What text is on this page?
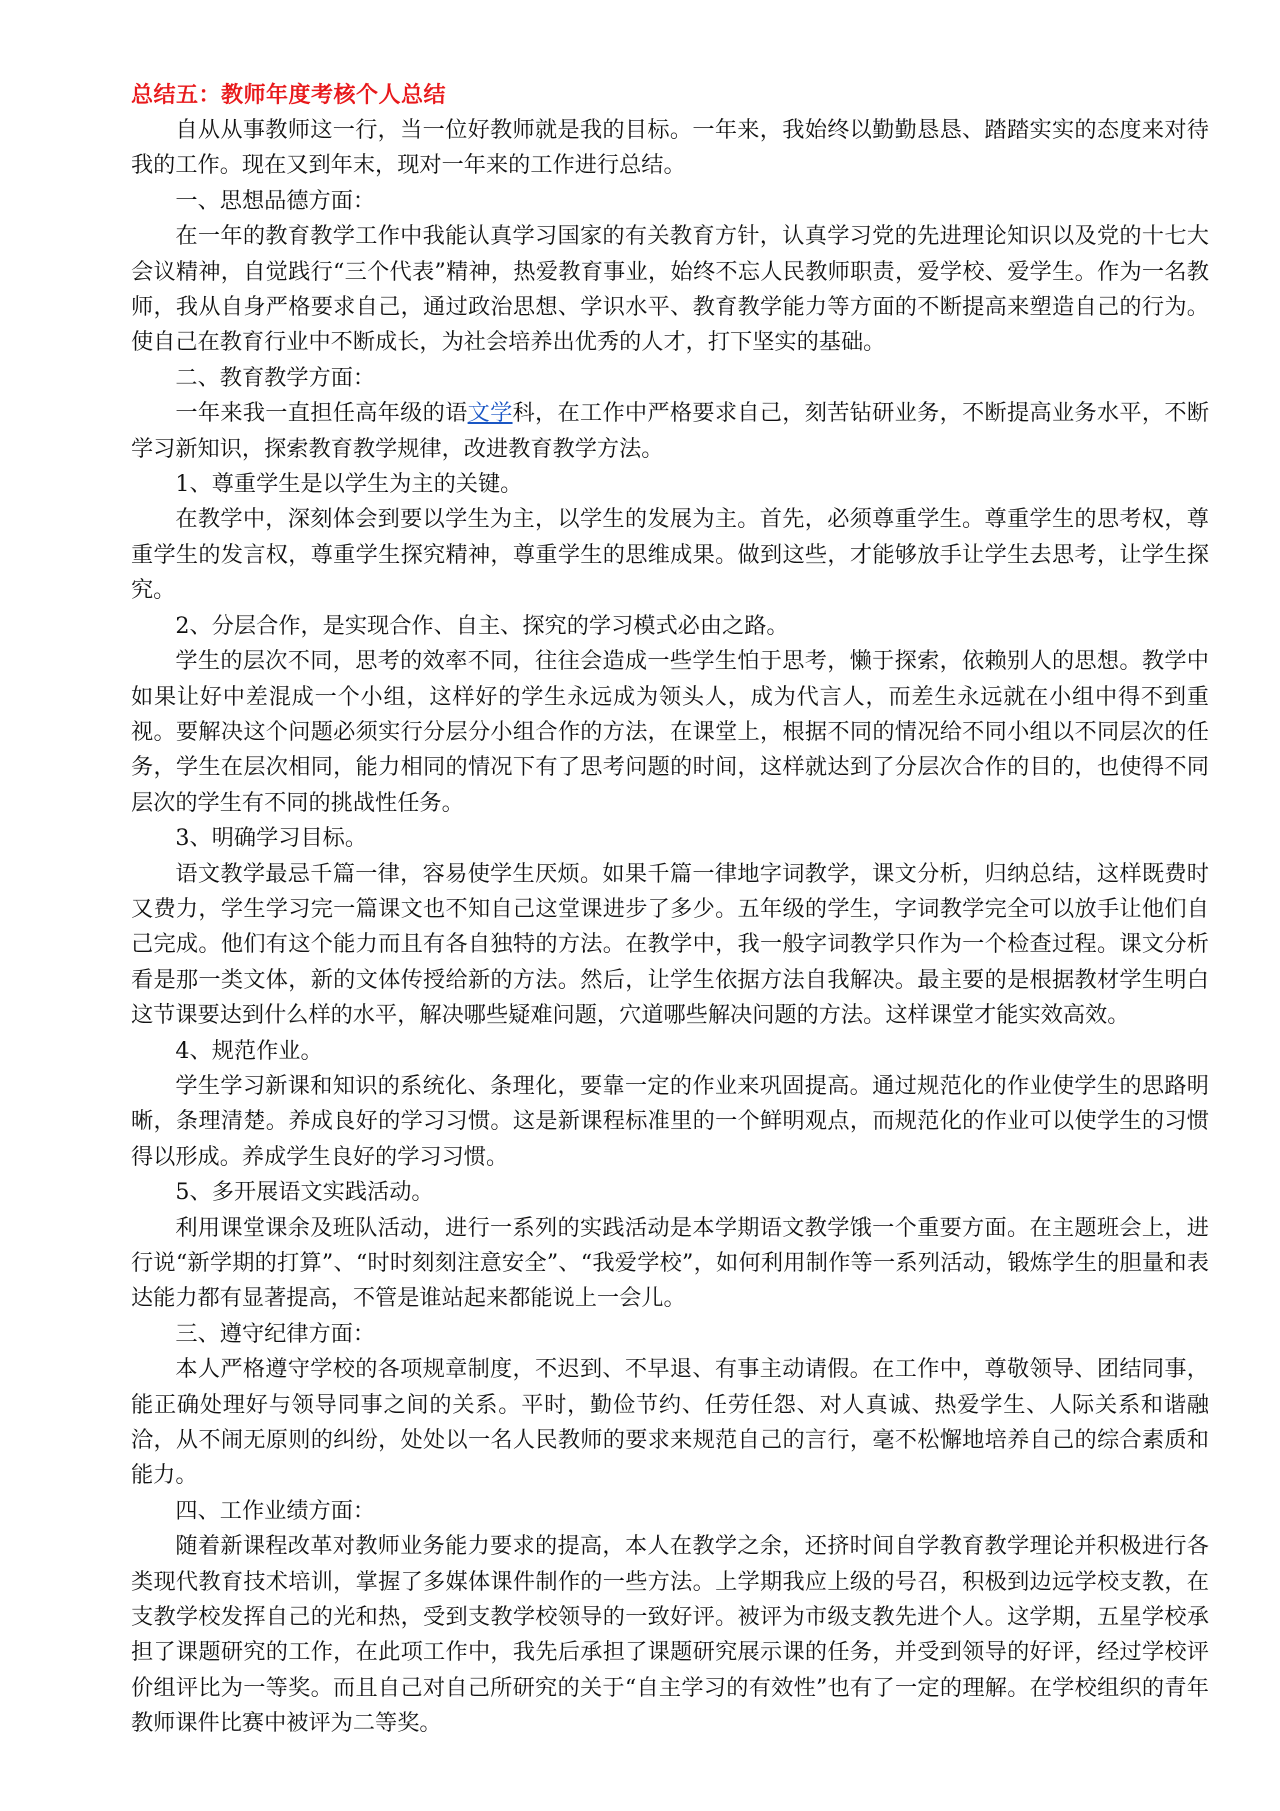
总结五：教师年度考核个人总结

自从从事教师这一行，当一位好教师就是我的目标。一年来，我始终以勤勤恳恳、踏踏实实的态度来对待我的工作。现在又到年末，现对一年来的工作进行总结。

一、思想品德方面：

在一年的教育教学工作中我能认真学习国家的有关教育方针，认真学习党的先进理论知识以及党的十七大会议精神，自觉践行“三个代表”精神，热爱教育事业，始终不忘人民教师职责，爱学校、爱学生。作为一名教师，我从自身严格要求自己，通过政治思想、学识水平、教育教学能力等方面的不断提高来塑造自己的行为。使自己在教育行业中不断成长，为社会培养出优秀的人才，打下坚实的基础。

二、教育教学方面：

一年来我一直担任高年级的语文学科，在工作中严格要求自己，刻苦钻研业务，不断提高业务水平，不断学习新知识，探索教育教学规律，改进教育教学方法。

1、尊重学生是以学生为主的关键。

在教学中，深刻体会到要以学生为主，以学生的发展为主。首先，必须尊重学生。尊重学生的思考权，尊重学生的发言权，尊重学生探究精神，尊重学生的思维成果。做到这些，才能够放手让学生去思考，让学生探究。

2、分层合作，是实现合作、自主、探究的学习模式必由之路。

学生的层次不同，思考的效率不同，往往会造成一些学生怕于思考，懒于探索，依赖别人的思想。教学中如果让好中差混成一个小组，这样好的学生永远成为领头人，成为代言人，而差生永远就在小组中得不到重视。要解决这个问题必须实行分层分小组合作的方法，在课堂上，根据不同的情况给不同小组以不同层次的任务，学生在层次相同，能力相同的情况下有了思考问题的时间，这样就达到了分层次合作的目的，也使得不同层次的学生有不同的挑战性任务。

3、明确学习目标。

语文教学最忌千篇一律，容易使学生厌烦。如果千篇一律地字词教学，课文分析，归纳总结，这样既费时又费力，学生学习完一篇课文也不知自己这堂课进步了多少。五年级的学生，字词教学完全可以放手让他们自己完成。他们有这个能力而且有各自独特的方法。在教学中，我一般字词教学只作为一个检查过程。课文分析看是那一类文体，新的文体传授给新的方法。然后，让学生依据方法自我解决。最主要的是根据教材学生明白这节课要达到什么样的水平，解决哪些疑难问题，穴道哪些解决问题的方法。这样课堂才能实效高效。

4、规范作业。

学生学习新课和知识的系统化、条理化，要靠一定的作业来巩固提高。通过规范化的作业使学生的思路明晰，条理清楚。养成良好的学习习惯。这是新课程标准里的一个鲜明观点，而规范化的作业可以使学生的习惯得以形成。养成学生良好的学习习惯。

5、多开展语文实践活动。

利用课堂课余及班队活动，进行一系列的实践活动是本学期语文教学饿一个重要方面。在主题班会上，进行说“新学期的打算”、“时时刻刻注意安全”、“我爱学校”，如何利用制作等一系列活动，锻炼学生的胆量和表达能力都有显著提高，不管是谁站起来都能说上一会儿。

三、遵守纪律方面：

本人严格遵守学校的各项规章制度，不迟到、不早退、有事主动请假。在工作中，尊敬领导、团结同事，能正确处理好与领导同事之间的关系。平时，勤俭节约、任劳任怨、对人真诚、热爱学生、人际关系和谐融洽，从不闹无原则的纠纷，处处以一名人民教师的要求来规范自己的言行，毫不松懈地培养自己的综合素质和能力。

四、工作业绩方面：

随着新课程改革对教师业务能力要求的提高，本人在教学之余，还挤时间自学教育教学理论并积极进行各类现代教育技术培训，掌握了多媒体课件制作的一些方法。上学期我应上级的号召，积极到边远学校支教，在支教学校发挥自己的光和热，受到支教学校领导的一致好评。被评为市级支教先进个人。这学期，五星学校承担了课题研究的工作，在此项工作中，我先后承担了课题研究展示课的任务，并受到领导的好评，经过学校评价组评比为一等奖。而且自己对自己所研究的关于“自主学习的有效性”也有了一定的理解。在学校组织的青年教师课件比赛中被评为二等奖。
